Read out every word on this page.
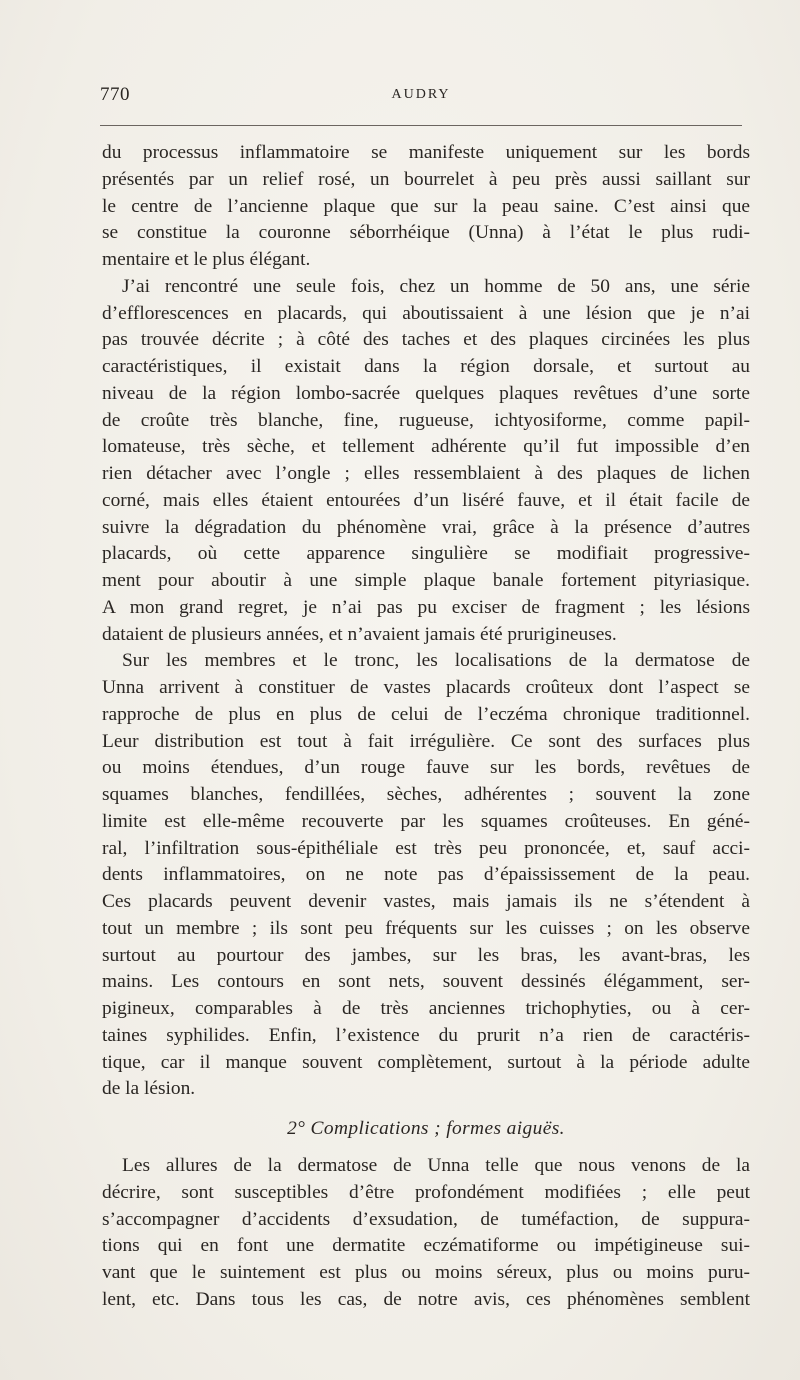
770	AUDRY
du processus inflammatoire se manifeste uniquement sur les bords
présentés par un relief rosé, un bourrelet à peu près aussi saillant sur
le centre de l’ancienne plaque que sur la peau saine. C’est ainsi que
se constitue la couronne séborrhéique (Unna) à l’état le plus rudi-
mentaire et le plus élégant.
J’ai rencontré une seule fois, chez un homme de 50 ans, une série
d’efflorescences en placards, qui aboutissaient à une lésion que je n’ai
pas trouvée décrite ; à côté des taches et des plaques circinées les plus
caractéristiques, il existait dans la région dorsale, et surtout au
niveau de la région lombo-sacrée quelques plaques revêtues d’une sorte
de croûte très blanche, fine, rugueuse, ichtyosiforme, comme papil-
lomateuse, très sèche, et tellement adhérente qu’il fut impossible d’en
rien détacher avec l’ongle ; elles ressemblaient à des plaques de lichen
corné, mais elles étaient entourées d’un liséré fauve, et il était facile de
suivre la dégradation du phénomène vrai, grâce à la présence d’autres
placards, où cette apparence singulière se modifiait progressive-
ment pour aboutir à une simple plaque banale fortement pityriasique.
A mon grand regret, je n’ai pas pu exciser de fragment ; les lésions
dataient de plusieurs années, et n’avaient jamais été prurigineuses.
Sur les membres et le tronc, les localisations de la dermatose de
Unna arrivent à constituer de vastes placards croûteux dont l’aspect se
rapproche de plus en plus de celui de l’eczéma chronique traditionnel.
Leur distribution est tout à fait irrégulière. Ce sont des surfaces plus
ou moins étendues, d’un rouge fauve sur les bords, revêtues de
squames blanches, fendillées, sèches, adhérentes ; souvent la zone
limite est elle-même recouverte par les squames croûteuses. En géné-
ral, l’infiltration sous-épithéliale est très peu prononcée, et, sauf acci-
dents inflammatoires, on ne note pas d’épaississement de la peau.
Ces placards peuvent devenir vastes, mais jamais ils ne s’étendent à
tout un membre ; ils sont peu fréquents sur les cuisses ; on les observe
surtout au pourtour des jambes, sur les bras, les avant-bras, les
mains. Les contours en sont nets, souvent dessinés élégamment, ser-
pigineux, comparables à de très anciennes trichophyties, ou à cer-
taines syphilides. Enfin, l’existence du prurit n’a rien de caractéris-
tique, car il manque souvent complètement, surtout à la période adulte
de la lésion.
2° Complications ; formes aiguës.
Les allures de la dermatose de Unna telle que nous venons de la
décrire, sont susceptibles d’être profondément modifiées ; elle peut
s’accompagner d’accidents d’exsudation, de tuméfaction, de suppura-
tions qui en font une dermatite eczématiforme ou impétigineuse sui-
vant que le suintement est plus ou moins séreux, plus ou moins puru-
lent, etc. Dans tous les cas, de notre avis, ces phénomènes semblent
